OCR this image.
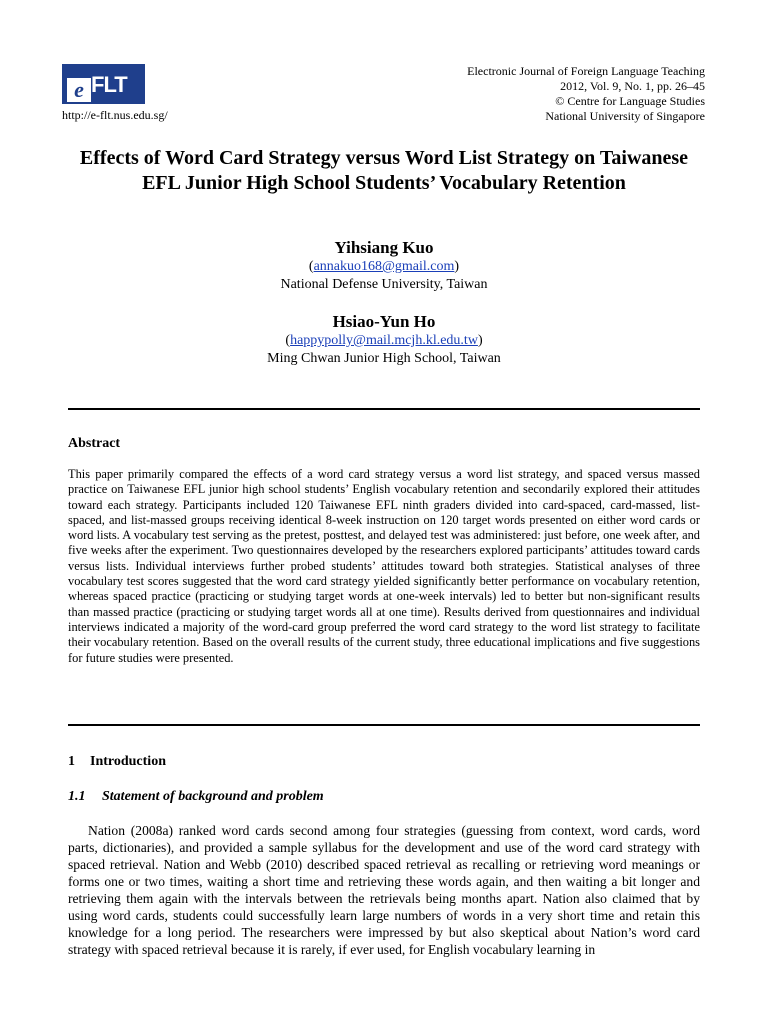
e FLT
http://e-flt.nus.edu.sg/
Electronic Journal of Foreign Language Teaching
2012, Vol. 9, No. 1, pp. 26–45
© Centre for Language Studies
National University of Singapore
Effects of Word Card Strategy versus Word List Strategy on Taiwanese EFL Junior High School Students’ Vocabulary Retention
Yihsiang Kuo
(annakuo168@gmail.com)
National Defense University, Taiwan
Hsiao-Yun Ho
(happypolly@mail.mcjh.kl.edu.tw)
Ming Chwan Junior High School, Taiwan
Abstract
This paper primarily compared the effects of a word card strategy versus a word list strategy, and spaced versus massed practice on Taiwanese EFL junior high school students’ English vocabulary retention and secondarily explored their attitudes toward each strategy. Participants included 120 Taiwanese EFL ninth graders divided into card-spaced, card-massed, list-spaced, and list-massed groups receiving identical 8-week instruction on 120 target words presented on either word cards or word lists. A vocabulary test serving as the pretest, posttest, and delayed test was administered: just before, one week after, and five weeks after the experiment. Two questionnaires developed by the researchers explored participants’ attitudes toward cards versus lists. Individual interviews further probed students’ attitudes toward both strategies. Statistical analyses of three vocabulary test scores suggested that the word card strategy yielded significantly better performance on vocabulary retention, whereas spaced practice (practicing or studying target words at one-week intervals) led to better but non-significant results than massed practice (practicing or studying target words all at one time). Results derived from questionnaires and individual interviews indicated a majority of the word-card group preferred the word card strategy to the word list strategy to facilitate their vocabulary retention. Based on the overall results of the current study, three educational implications and five suggestions for future studies were presented.
1 Introduction
1.1 Statement of background and problem
Nation (2008a) ranked word cards second among four strategies (guessing from context, word cards, word parts, dictionaries), and provided a sample syllabus for the development and use of the word card strategy with spaced retrieval. Nation and Webb (2010) described spaced retrieval as recalling or retrieving word meanings or forms one or two times, waiting a short time and retrieving these words again, and then waiting a bit longer and retrieving them again with the intervals between the retrievals being months apart. Nation also claimed that by using word cards, students could successfully learn large numbers of words in a very short time and retain this knowledge for a long period. The researchers were impressed by but also skeptical about Nation’s word card strategy with spaced retrieval because it is rarely, if ever used, for English vocabulary learning in
